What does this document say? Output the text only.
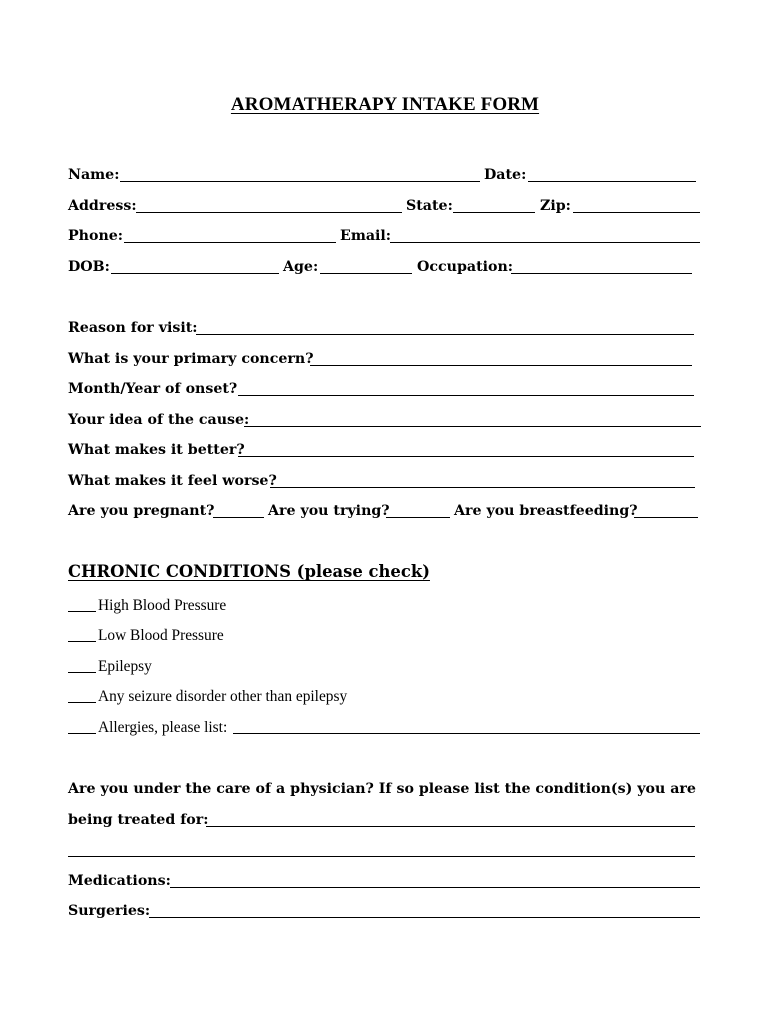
AROMATHERAPY INTAKE FORM
Name:	Date:
Address:	State:	Zip:
Phone:	Email:
DOB:	Age:	Occupation:
Reason for visit:
What is your primary concern?
Month/Year of onset?
Your idea of the cause:
What makes it better?
What makes it feel worse?
Are you pregnant?	Are you trying?	Are you breastfeeding?
CHRONIC CONDITIONS (please check)
High Blood Pressure
Low Blood Pressure
Epilepsy
Any seizure disorder other than epilepsy
Allergies, please list:
Are you under the care of a physician? If so please list the condition(s) you are
being treated for:
Medications:
Surgeries:
